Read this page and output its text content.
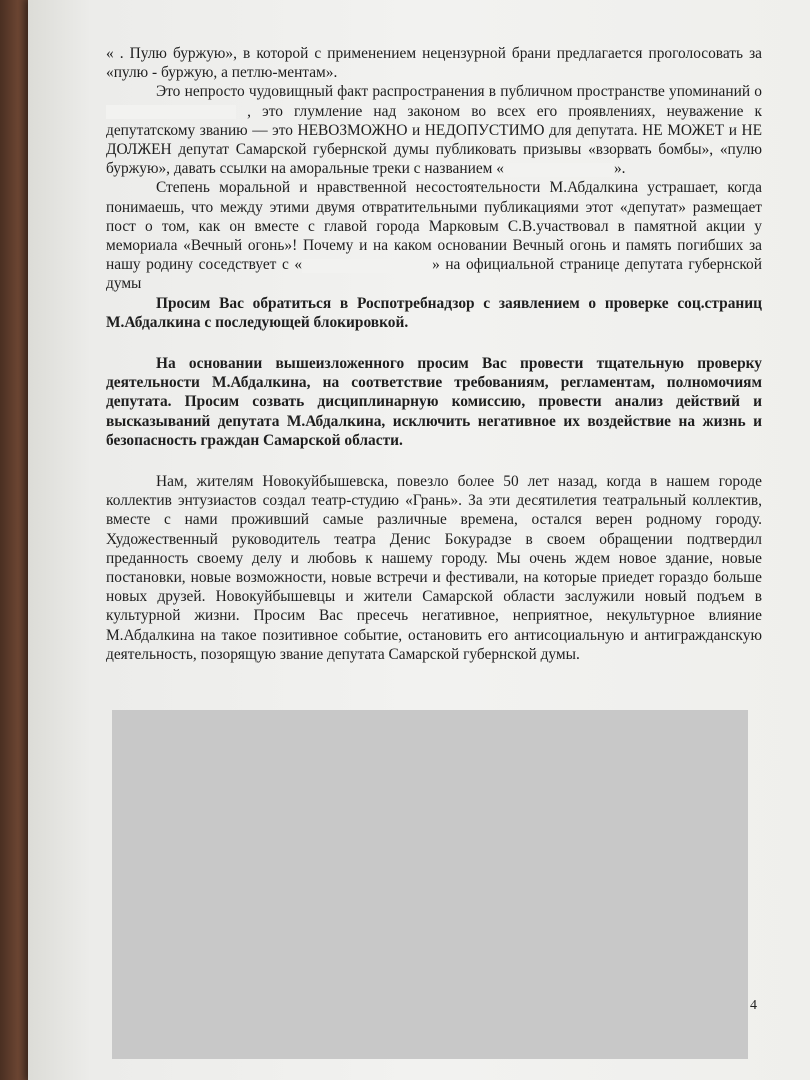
« . Пулю буржую», в которой с применением нецензурной брани предлагается проголосовать за «пулю - буржую, а петлю-ментам».

Это непросто чудовищный факт распространения в публичном пространстве упоминаний о  , это глумление над законом во всех его проявлениях, неуважение к депутатскому званию — это НЕВОЗМОЖНО и НЕДОПУСТИМО для депутата. НЕ МОЖЕТ и НЕ ДОЛЖЕН депутат Самарской губернской думы публиковать призывы «взорвать бомбы», «пулю буржую», давать ссылки на аморальные треки с названием «	».

Степень моральной и нравственной несостоятельности М.Абдалкина устрашает, когда понимаешь, что между этими двумя отвратительными публикациями этот «депутат» размещает пост о том, как он вместе с главой города Марковым С.В.участвовал в памятной акции у мемориала «Вечный огонь»! Почему и на каком основании Вечный огонь и память погибших за нашу родину соседствует с «	» на официальной странице депутата губернской думы

Просим Вас обратиться в Роспотребнадзор с заявлением о проверке соц.страниц М.Абдалкина с последующей блокировкой.

На основании вышеизложенного просим Вас провести тщательную проверку деятельности М.Абдалкина, на соответствие требованиям, регламентам, полномочиям депутата. Просим созвать дисциплинарную комиссию, провести анализ действий и высказываний депутата М.Абдалкина, исключить негативное их воздействие на жизнь и безопасность граждан Самарской области.

Нам, жителям Новокуйбышевска, повезло более 50 лет назад, когда в нашем городе коллектив энтузиастов создал театр-студию «Грань». За эти десятилетия театральный коллектив, вместе с нами проживший самые различные времена, остался верен родному городу. Художественный руководитель театра Денис Бокурадзе в своем обращении подтвердил преданность своему делу и любовь к нашему городу. Мы очень ждем новое здание, новые постановки, новые возможности, новые встречи и фестивали, на которые приедет гораздо больше новых друзей. Новокуйбышевцы и жители Самарской области заслужили новый подъем в культурной жизни. Просим Вас пресечь негативное, неприятное, некультурное влияние М.Абдалкина на такое позитивное событие, остановить его антисоциальную и антигражданскую деятельность, позорящую звание депутата Самарской губернской думы.

4
